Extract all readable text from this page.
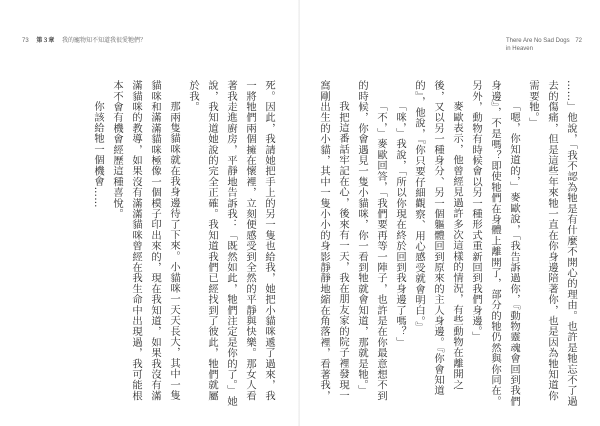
73 第３章 我的寵物知不知道我很愛牠們？

死。因此，我請她把手上的另一隻也給我，她把小貓咪遞了過來，我一將牠們兩個擁在懷裡，立刻便感受到全然的平靜與快樂。那女人看著我走進廚房，平靜地告訴我：「既然如此，牠們注定是你的了。」她說，我知道她說的完全正確。我知道我們已經找到了彼此，牠們就屬於我。

那兩隻貓咪就在我身邊待了下來。小貓咪一天天長大，其中一隻貓咪和滿滿貓咪極像一個模子印出來的，現在我知道，如果我沒有滿滿貓咪的教導，如果沒有滿滿貓咪曾經在我生命中出現過，我可能根本不會有機會經歷這種喜悅。

你該給牠一個機會……

There Are No Sad Dogs
in Heaven 72

……」他說，「我不認為牠是有什麼不開心的理由。也許是牠忘不了過去的傷痛，但是這些年來牠一直在你身邊陪著你，也是因為牠知道你需要牠。」

「嗯，你知道的，」麥歐說，「我告訴過你，『動物靈魂會回到我們身邊』，不是嗎？即使牠們在身體上離開了，部分的牠仍然與你同在。另外，動物有時候會以另一種形式重新回到我們身邊。」

麥歐表示，他曾經見過許多次這樣的情況，有些動物在離開之後，又以另一種身分、另一個軀體回到原來的主人身邊。『你會知道的』，他說，『你只要仔細觀察、用心感受就會明白。』

「咪，」我說，「所以你現在終於回到我身邊了嗎？」

「不，」麥歐回答，「我們要再等一陣子，也許是在你最意想不到的時候，你會遇見一隻小貓咪，你一看到牠就會知道，那就是牠。」

我把這番話牢記在心，後來有一天，我在朋友家的院子裡發現一窩剛出生的小貓，其中一隻小小的身影靜靜地縮在角落裡，看著我，
